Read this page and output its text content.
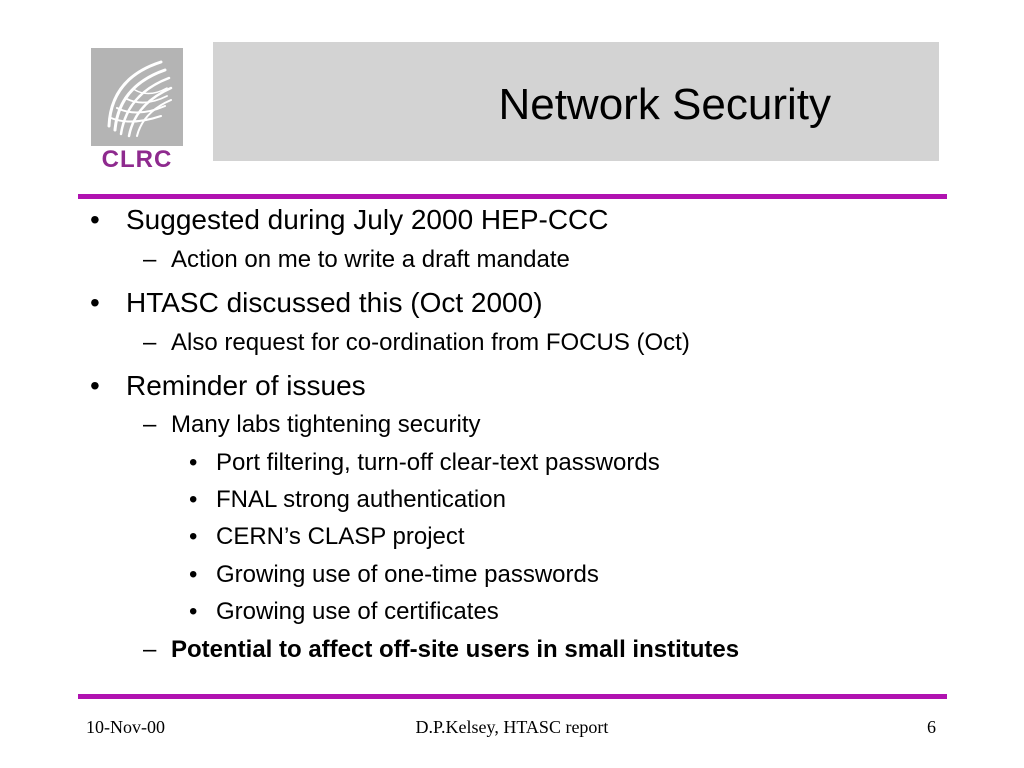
CLRC
Network Security
• Suggested during July 2000 HEP-CCC
– Action on me to write a draft mandate
• HTASC discussed this (Oct 2000)
– Also request for co-ordination from FOCUS (Oct)
• Reminder of issues
– Many labs tightening security
• Port filtering, turn-off clear-text passwords
• FNAL strong authentication
• CERN’s CLASP project
• Growing use of one-time passwords
• Growing use of certificates
– Potential to affect off-site users in small institutes
10-Nov-00	D.P.Kelsey, HTASC report	6
